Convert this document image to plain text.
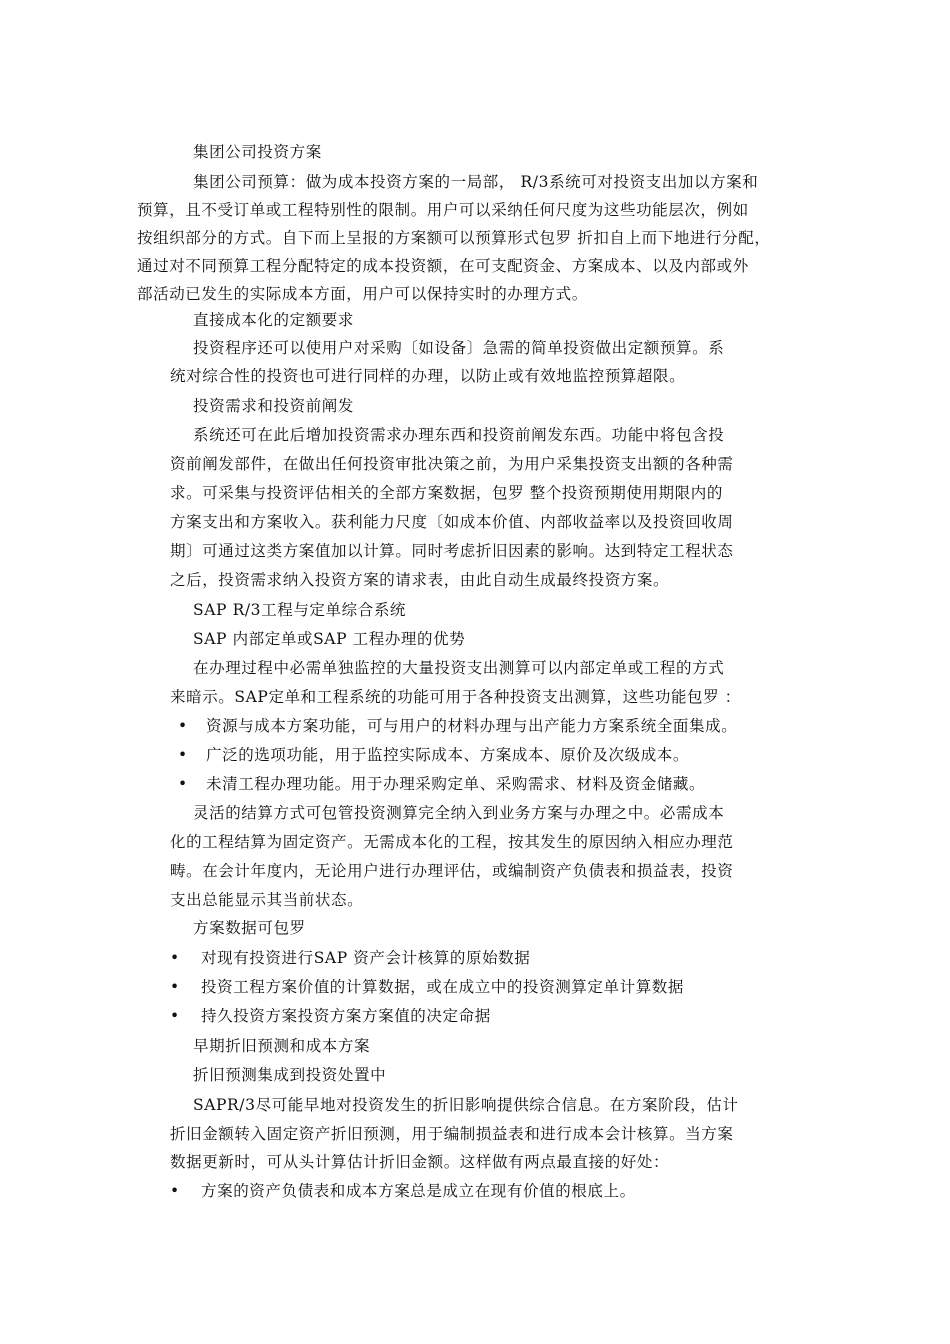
集团公司投资方案
集团公司预算：做为成本投资方案的一局部， R/3系统可对投资支出加以方案和
预算，且不受订单或工程特别性的限制。用户可以采纳任何尺度为这些功能层次，例如
按组织部分的方式。自下而上呈报的方案额可以预算形式包罗 折扣自上而下地进行分配，
通过对不同预算工程分配特定的成本投资额，在可支配资金、方案成本、以及内部或外
部活动已发生的实际成本方面，用户可以保持实时的办理方式。
直接成本化的定额要求
投资程序还可以使用户对采购〔如设备〕急需的简单投资做出定额预算。系
统对综合性的投资也可进行同样的办理，以防止或有效地监控预算超限。
投资需求和投资前阐发
系统还可在此后增加投资需求办理东西和投资前阐发东西。功能中将包含投
资前阐发部件，在做出任何投资审批决策之前，为用户采集投资支出额的各种需
求。可采集与投资评估相关的全部方案数据，包罗 整个投资预期使用期限内的
方案支出和方案收入。获利能力尺度〔如成本价值、内部收益率以及投资回收周
期〕可通过这类方案值加以计算。同时考虑折旧因素的影响。达到特定工程状态
之后，投资需求纳入投资方案的请求表，由此自动生成最终投资方案。
SAP R/3工程与定单综合系统
SAP 内部定单或SAP 工程办理的优势
在办理过程中必需单独监控的大量投资支出测算可以内部定单或工程的方式
来暗示。SAP定单和工程系统的功能可用于各种投资支出测算，这些功能包罗 ：
• 资源与成本方案功能，可与用户的材料办理与出产能力方案系统全面集成。
• 广泛的选项功能，用于监控实际成本、方案成本、原价及次级成本。
• 未清工程办理功能。用于办理采购定单、采购需求、材料及资金储藏。
灵活的结算方式可包管投资测算完全纳入到业务方案与办理之中。必需成本
化的工程结算为固定资产。无需成本化的工程，按其发生的原因纳入相应办理范
畴。在会计年度内，无论用户进行办理评估，或编制资产负债表和损益表，投资
支出总能显示其当前状态。
方案数据可包罗
• 对现有投资进行SAP 资产会计核算的原始数据
• 投资工程方案价值的计算数据，或在成立中的投资测算定单计算数据
• 持久投资方案投资方案方案值的决定命据
早期折旧预测和成本方案
折旧预测集成到投资处置中
SAPR/3尽可能早地对投资发生的折旧影响提供综合信息。在方案阶段，估计
折旧金额转入固定资产折旧预测，用于编制损益表和进行成本会计核算。当方案
数据更新时，可从头计算估计折旧金额。这样做有两点最直接的好处：
• 方案的资产负债表和成本方案总是成立在现有价值的根底上。
